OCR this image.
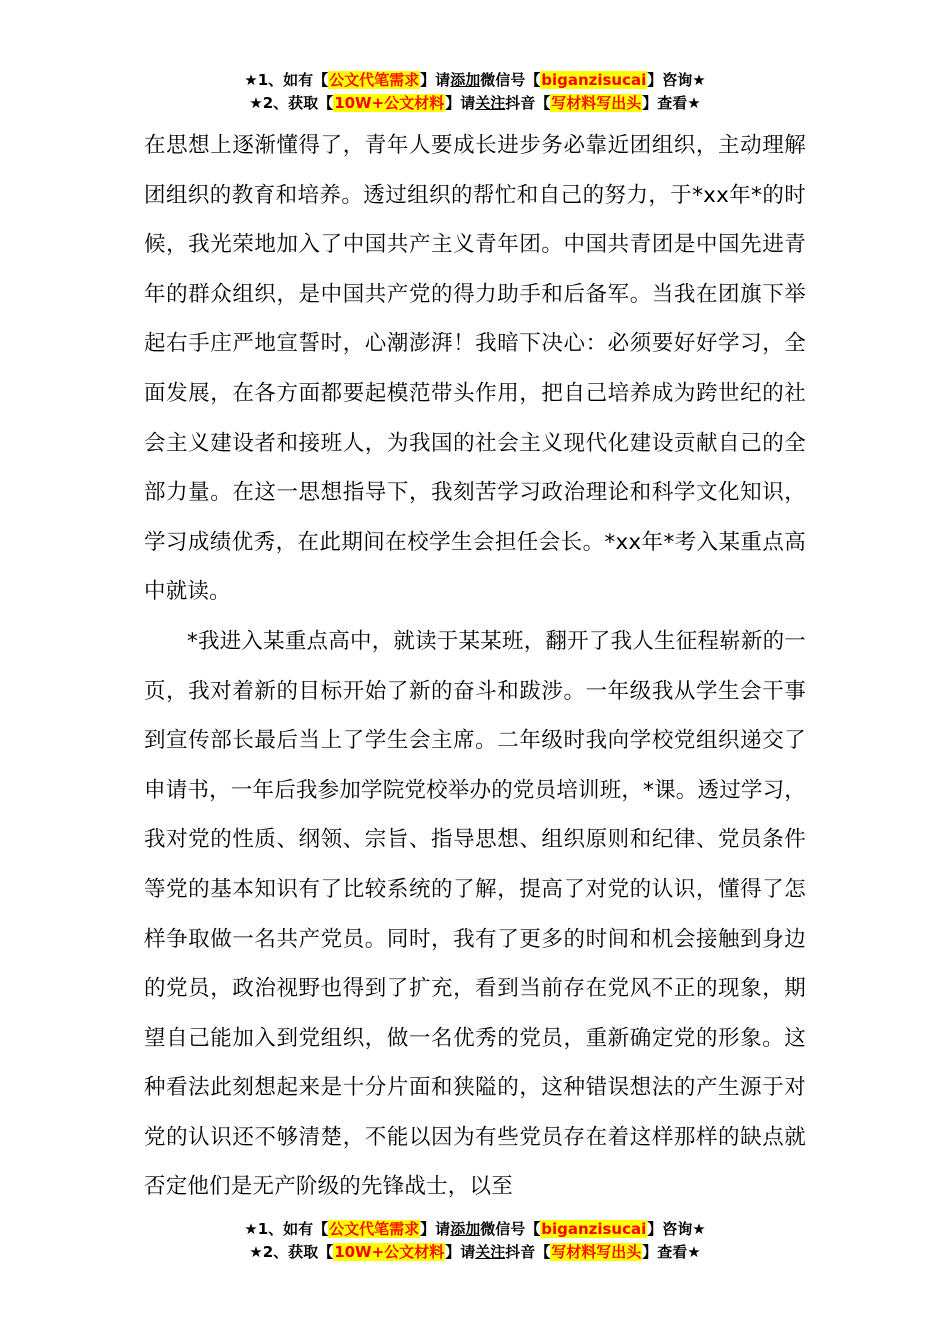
★1、如有【公文代笔需求】请添加微信号【biganzisucai】咨询★
★2、获取【10W+公文材料】请关注抖音【写材料写出头】查看★

在思想上逐渐懂得了，青年人要成长进步务必靠近团组织，主动理解团组织的教育和培养。透过组织的帮忙和自己的努力，于*xx年*的时候，我光荣地加入了中国共产主义青年团。中国共青团是中国先进青年的群众组织，是中国共产党的得力助手和后备军。当我在团旗下举起右手庄严地宣誓时，心潮澎湃！我暗下决心：必须要好好学习，全面发展，在各方面都要起模范带头作用，把自己培养成为跨世纪的社会主义建设者和接班人，为我国的社会主义现代化建设贡献自己的全部力量。在这一思想指导下，我刻苦学习政治理论和科学文化知识，学习成绩优秀，在此期间在校学生会担任会长。*xx年*考入某重点高中就读。

*我进入某重点高中，就读于某某班，翻开了我人生征程崭新的一页，我对着新的目标开始了新的奋斗和跋涉。一年级我从学生会干事到宣传部长最后当上了学生会主席。二年级时我向学校党组织递交了申请书，一年后我参加学院党校举办的党员培训班，*课。透过学习，我对党的性质、纲领、宗旨、指导思想、组织原则和纪律、党员条件等党的基本知识有了比较系统的了解，提高了对党的认识，懂得了怎样争取做一名共产党员。同时，我有了更多的时间和机会接触到身边的党员，政治视野也得到了扩充，看到当前存在党风不正的现象，期望自己能加入到党组织，做一名优秀的党员，重新确定党的形象。这种看法此刻想起来是十分片面和狭隘的，这种错误想法的产生源于对党的认识还不够清楚，不能以因为有些党员存在着这样那样的缺点就否定他们是无产阶级的先锋战士，以至

★1、如有【公文代笔需求】请添加微信号【biganzisucai】咨询★
★2、获取【10W+公文材料】请关注抖音【写材料写出头】查看★
